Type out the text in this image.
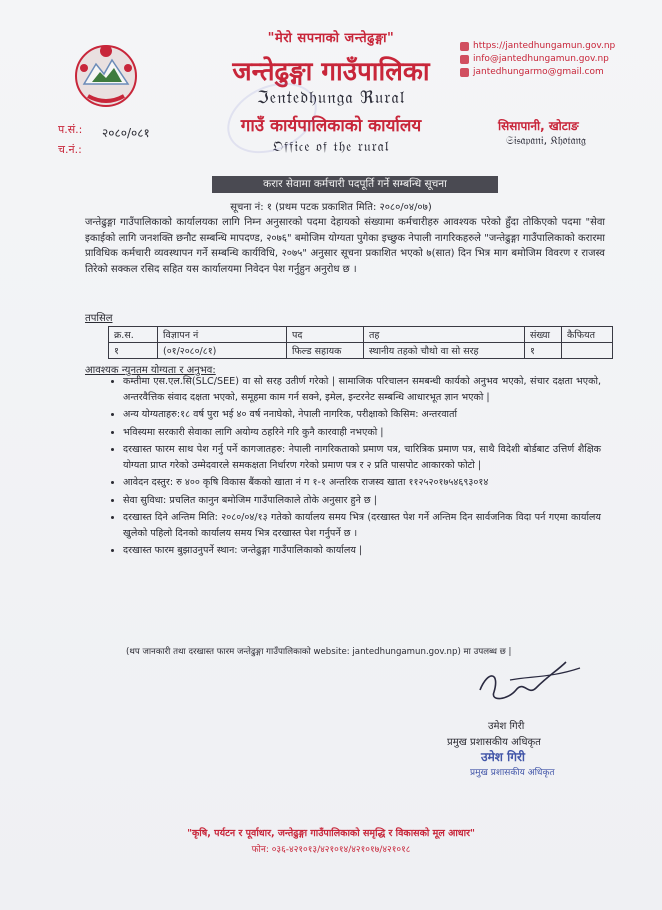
"मेरो सपनाको जन्तेढुङ्गा"
जन्तेढुङ्गा गाउँपालिका
ℑ𝔢𝔫𝔱𝔢𝔡𝔥𝔲𝔫𝔤𝔞 ℜ𝔲𝔯𝔞𝔩
गाउँ कार्यपालिकाको कार्यालय
𝔒𝔣𝔣𝔦𝔠𝔢 𝔬𝔣 𝔱𝔥𝔢 𝔯𝔲𝔯𝔞𝔩
https://jantedhungamun.gov.np
info@jantedhungamun.gov.np
jantedhungarmo@gmail.com
सिसापानी, खोटाङ
𝔖𝔦𝔰𝔞𝔭𝔞𝔫𝔦, 𝔎𝔥𝔬𝔱𝔞𝔫𝔤
प.सं.:
च.नं.:
२०८०/०८१
करार सेवामा कर्मचारी पदपूर्ति गर्ने सम्बन्धि सूचना
सूचना नं: १ (प्रथम पटक प्रकाशित मिति: २०८०/०४/०७)
जन्तेढुङ्गा गाउँपालिकाको कार्यालयका लागि निम्न अनुसारको पदमा देहायको संख्यामा कर्मचारीहरु आवश्यक परेको हुँदा तोकिएको पदमा "सेवा इकाईको लागि जनशक्ति छनौट सम्बन्धि मापदण्ड, २०७६" बमोजिम योग्यता पुगेका इच्छुक नेपाली नागरिकहरुले "जन्तेढुङ्गा गाउँपालिकाको करारमा प्राविधिक कर्मचारी व्यवस्थापन गर्ने सम्बन्धि कार्यविधि, २०७५" अनुसार सूचना प्रकाशित भएको ७(सात) दिन भित्र माग बमोजिम विवरण र राजस्व तिरेको सक्कल रसिद सहित यस कार्यालयमा निवेदन पेश गर्नुहुन अनुरोध छ ।
तपसिल
क्र.स.	विज्ञापन नं	पद	तह	संख्या	कैफियत
१	(०१/२०८०/८१)	फिल्ड सहायक	स्थानीय तहको चौथो वा सो सरह	१	
आवश्यक न्युनतम योग्यता र अनुभव:
• कम्तीमा एस.एल.सि(SLC/SEE) वा सो सरह उतीर्ण गरेको | सामाजिक परिचालन समबन्धी कार्यको अनुभव भएको, संचार दक्षता भएको, अन्तरवैत्तिक संवाद दक्षता भएको, समूहमा काम गर्न सक्ने, इमेल, इन्टरनेट सम्बन्धि आधारभूत ज्ञान भएको |
• अन्य योग्यताहरु:१८ वर्ष पुरा भई ४० वर्ष ननाघेको, नेपाली नागरिक, परीक्षाको किसिम: अन्तरवार्ता
• भविस्यमा सरकारी सेवाका लागि अयोग्य ठहरिने गरि कुनै कारवाही नभएको |
• दरखास्त फारम साथ पेश गर्नु पर्ने कागजातहरु: नेपाली नागरिकताको प्रमाण पत्र, चारित्रिक प्रमाण पत्र, साथै विदेशी बोर्डबाट उत्तिर्ण शैक्षिक योग्यता प्राप्त गरेको उम्मेदवारले समकक्षता निर्धारण गरेको प्रमाण पत्र र २ प्रति पासपोट आकारको फोटो |
• आवेदन दस्तुर: रु ४०० कृषि विकास बैंकको खाता नं ग १-१ अन्तरिक राजस्व खाता ११२५२०१७५४६९३०१४
• सेवा सुविधा: प्रचलित कानुन बमोजिम गाउँपालिकाले तोके अनुसार हुने छ |
• दरखास्त दिने अन्तिम मिति: २०८०/०४/१३ गतेको कार्यालय समय भित्र (दरखास्त पेश गर्ने अन्तिम दिन सार्वजनिक विदा पर्न गएमा कार्यालय खुलेको पहिलो दिनको कार्यालय समय भित्र दरखास्त पेश गर्नुपर्ने छ ।
• दरखास्त फारम बुझाउनुपर्ने स्थान: जन्तेढुङ्गा गाउँपालिकाको कार्यालय |
(थप जानकारी तथा दरखास्त फारम जन्तेढुङ्गा गाउँपालिकाको website: jantedhungamun.gov.np) मा उपलब्ध छ |
उमेश गिरी
प्रमुख प्रशासकीय अधिकृत
उमेश गिरी
प्रमुख प्रशासकीय अधिकृत
"कृषि, पर्यटन र पूर्वाधार, जन्तेढुङ्गा गाउँपालिकाको समृद्धि र विकासको मूल आधार"
फोन: ०३६-४२१०१३/४२१०१४/४२१०१७/४२१०१८
